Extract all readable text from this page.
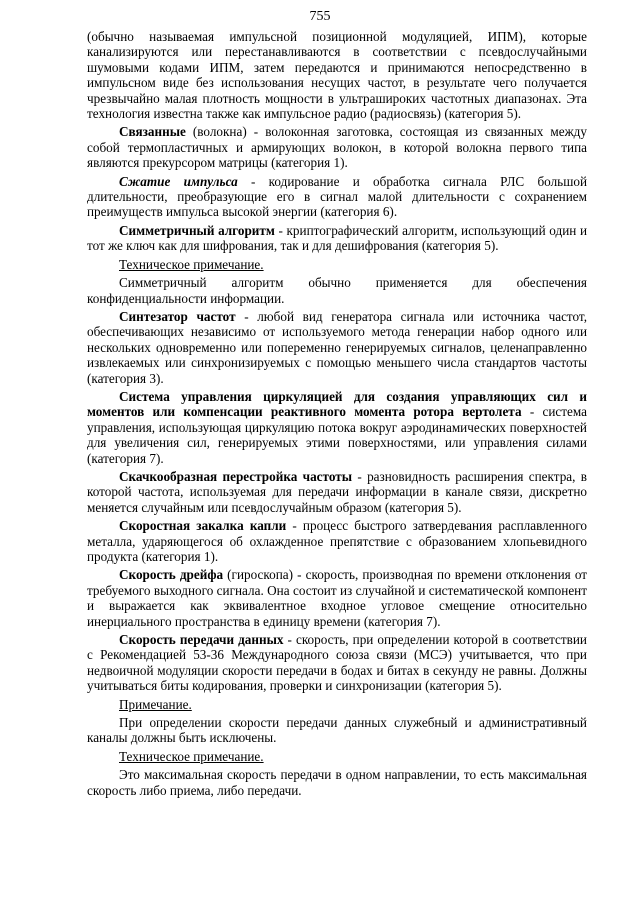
755
(обычно называемая импульсной позиционной модуляцией, ИПМ), которые канализируются или перестанавливаются в соответствии с псевдослучайными шумовыми кодами ИПМ, затем передаются и принимаются непосредственно в импульсном виде без использования несущих частот, в результате чего получается чрезвычайно малая плотность мощности в ультрашироких частотных диапазонах. Эта технология известна также как импульсное радио (радиосвязь) (категория 5).
Связанные (волокна) - волоконная заготовка, состоящая из связанных между собой термопластичных и армирующих волокон, в которой волокна первого типа являются прекурсором матрицы (категория 1).
Сжатие импульса - кодирование и обработка сигнала РЛС большой длительности, преобразующие его в сигнал малой длительности с сохранением преимуществ импульса высокой энергии (категория 6).
Симметричный алгоритм - криптографический алгоритм, использующий один и тот же ключ как для шифрования, так и для дешифрования (категория 5).
Техническое примечание.
Симметричный алгоритм обычно применяется для обеспечения конфиденциальности информации.
Синтезатор частот - любой вид генератора сигнала или источника частот, обеспечивающих независимо от используемого метода генерации набор одного или нескольких одновременно или попеременно генерируемых сигналов, целенаправленно извлекаемых или синхронизируемых с помощью меньшего числа стандартов частоты (категория 3).
Система управления циркуляцией для создания управляющих сил и моментов или компенсации реактивного момента ротора вертолета - система управления, использующая циркуляцию потока вокруг аэродинамических поверхностей для увеличения сил, генерируемых этими поверхностями, или управления силами (категория 7).
Скачкообразная перестройка частоты - разновидность расширения спектра, в которой частота, используемая для передачи информации в канале связи, дискретно меняется случайным или псевдослучайным образом (категория 5).
Скоростная закалка капли - процесс быстрого затвердевания расплавленного металла, ударяющегося об охлажденное препятствие с образованием хлопьевидного продукта (категория 1).
Скорость дрейфа (гироскопа) - скорость, производная по времени отклонения от требуемого выходного сигнала. Она состоит из случайной и систематической компонент и выражается как эквивалентное входное угловое смещение относительно инерциального пространства в единицу времени (категория 7).
Скорость передачи данных - скорость, при определении которой в соответствии с Рекомендацией 53-36 Международного союза связи (МСЭ) учитывается, что при недвоичной модуляции скорости передачи в бодах и битах в секунду не равны. Должны учитываться биты кодирования, проверки и синхронизации (категория 5).
Примечание.
При определении скорости передачи данных служебный и административный каналы должны быть исключены.
Техническое примечание.
Это максимальная скорость передачи в одном направлении, то есть максимальная скорость либо приема, либо передачи.
